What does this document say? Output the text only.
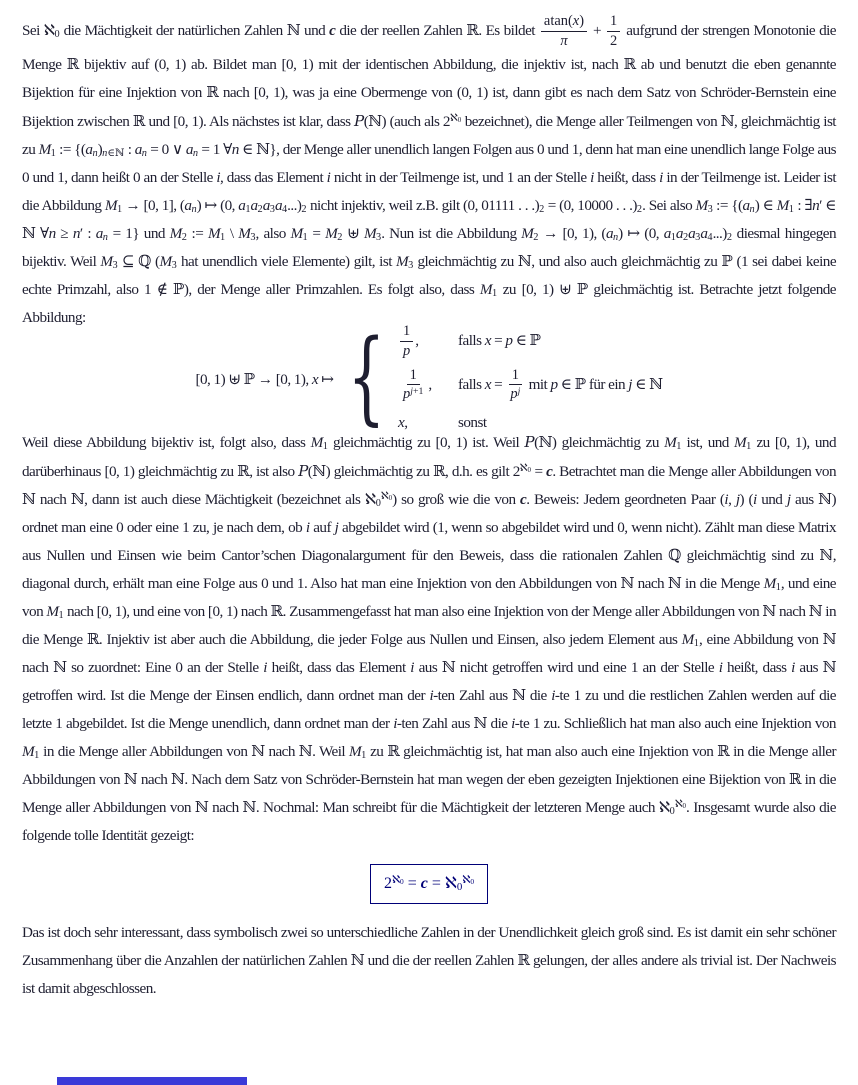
Sei ℵ$_0$ die Mächtigkeit der natürlichen Zahlen ℕ und c die der reellen Zahlen ℝ. Es bildet $\frac{atan(x)}{\pi} + \frac{1}{2}$ aufgrund der strengen Monotonie die Menge ℝ bijektiv auf (0, 1) ab. Bildet man [0, 1) mit der identischen Abbildung, die injektiv ist, nach ℝ ab und benutzt die eben genannte Bijektion für eine Injektion von ℝ nach [0, 1), was ja eine Obermenge von (0, 1) ist, dann gibt es nach dem Satz von Schröder-Bernstein eine Bijektion zwischen ℝ und [0, 1). Als nächstes ist klar, dass P(ℕ) (auch als $2^{ℵ_0}$ bezeichnet), die Menge aller Teilmengen von ℕ, gleichmächtig ist zu $M_1$ := {$(a_n)_{n\in ℕ}$ : $a_n = 0$ ∨ $a_n = 1$ ∀n ∈ ℕ}, der Menge aller unendlich langen Folgen aus 0 und 1, denn hat man eine unendlich lange Folge aus 0 und 1, dann heißt 0 an der Stelle i, dass das Element i nicht in der Teilmenge ist, und 1 an der Stelle i heißt, dass i in der Teilmenge ist. Leider ist die Abbildung $M_1 \to [0$, 1], $(a_n)$ ↦ (0, $a_1a_2a_3a_4...)_2$ nicht injektiv, weil z.B. gilt (0, 01111 . . $.)_2 = (0$, 10000 . . $.)_2$. Sei also $M_3$ := {$(a_n)$ ∈ $M_1$ : ∃n′ ∈ ℕ ∀n ≥ n′ : $a_n = 1$} und $M_2$ := $M_1$ \ $M_3$, also $M_1 = M_2$ ⊎ $M_3$. Nun ist die Abbildung $M_2 \to [0$, 1), $(a_n)$ ↦ (0, $a_1a_2a_3a_4...)_2$ diesmal hingegen bijektiv. Weil $M_3$ ⊆ ℚ ($M_3$ hat unendlich viele Elemente) gilt, ist $M_3$ gleichmächtig zu ℕ, und also auch gleichmächtig zu ℙ (1 sei dabei keine echte Primzahl, also 1 ∉ ℙ), der Menge aller Primzahlen. Es folgt also, dass $M_1$ zu [0, 1) ⊎ ℙ gleichmächtig ist. Betrachte jetzt folgende Abbildung:
[0, 1) ⊎ ℙ → [0, 1), x ↦ { $\frac{1}{p}$ ,	falls x = p ∈ ℙ
$\frac{1}{p^{j+1}}$ ,	falls $x = \frac{1}{p^j}$ mit p ∈ ℙ für ein j ∈ ℕ
x,	sonst
Weil diese Abbildung bijektiv ist, folgt also, dass $M_1$ gleichmächtig zu [0, 1) ist. Weil P(ℕ) gleichmächtig zu $M_1$ ist, und $M_1$ zu [0, 1), und darüberhinaus [0, 1) gleichmächtig zu ℝ, ist also P(ℕ) gleichmächtig zu ℝ, d.h. es gilt $2^{ℵ_0} = c$. Betrachtet man die Menge aller Abbildungen von ℕ nach ℕ, dann ist auch diese Mächtigkeit (bezeichnet als ℵ$_0^{ℵ_0}$) so groß wie die von c. Beweis: Jedem geordneten Paar (i, j) (i und j aus ℕ) ordnet man eine 0 oder eine 1 zu, je nach dem, ob i auf j abgebildet wird (1, wenn so abgebildet wird und 0, wenn nicht). Zählt man diese Matrix aus Nullen und Einsen wie beim Cantor’schen Diagonalargument für den Beweis, dass die rationalen Zahlen ℚ gleichmächtig sind zu ℕ, diagonal durch, erhält man eine Folge aus 0 und 1. Also hat man eine Injektion von den Abbildungen von ℕ nach ℕ in die Menge $M_1$, und eine von $M_1$ nach [0, 1), und eine von [0, 1) nach ℝ. Zusammengefasst hat man also eine Injektion von der Menge aller Abbildungen von ℕ nach ℕ in die Menge ℝ. Injektiv ist aber auch die Abbildung, die jeder Folge aus Nullen und Einsen, also jedem Element aus $M_1$, eine Abbildung von ℕ nach ℕ so zuordnet: Eine 0 an der Stelle i heißt, dass das Element i aus ℕ nicht getroffen wird und eine 1 an der Stelle i heißt, dass i aus ℕ getroffen wird. Ist die Menge der Einsen endlich, dann ordnet man der i-ten Zahl aus ℕ die i-te 1 zu und die restlichen Zahlen werden auf die letzte 1 abgebildet. Ist die Menge unendlich, dann ordnet man der i-ten Zahl aus ℕ die i-te 1 zu. Schließlich hat man also auch eine Injektion von $M_1$ in die Menge aller Abbildungen von ℕ nach ℕ. Weil $M_1$ zu ℝ gleichmächtig ist, hat man also auch eine Injektion von ℝ in die Menge aller Abbildungen von ℕ nach ℕ. Nach dem Satz von Schröder-Bernstein hat man wegen der eben gezeigten Injektionen eine Bijektion von ℝ in die Menge aller Abbildungen von ℕ nach ℕ. Nochmal: Man schreibt für die Mächtigkeit der letzteren Menge auch ℵ$_0^{ℵ_0}$. Insgesamt wurde also die folgende tolle Identität gezeigt:
$2^{ℵ_0} = c$ = ℵ$_0^{ℵ_0}$
Das ist doch sehr interessant, dass symbolisch zwei so unterschiedliche Zahlen in der Unendlichkeit gleich groß sind. Es ist damit ein sehr schöner Zusammenhang über die Anzahlen der natürlichen Zahlen ℕ und die der reellen Zahlen ℝ gelungen, der alles andere als trivial ist. Der Nachweis ist damit abgeschlossen.
